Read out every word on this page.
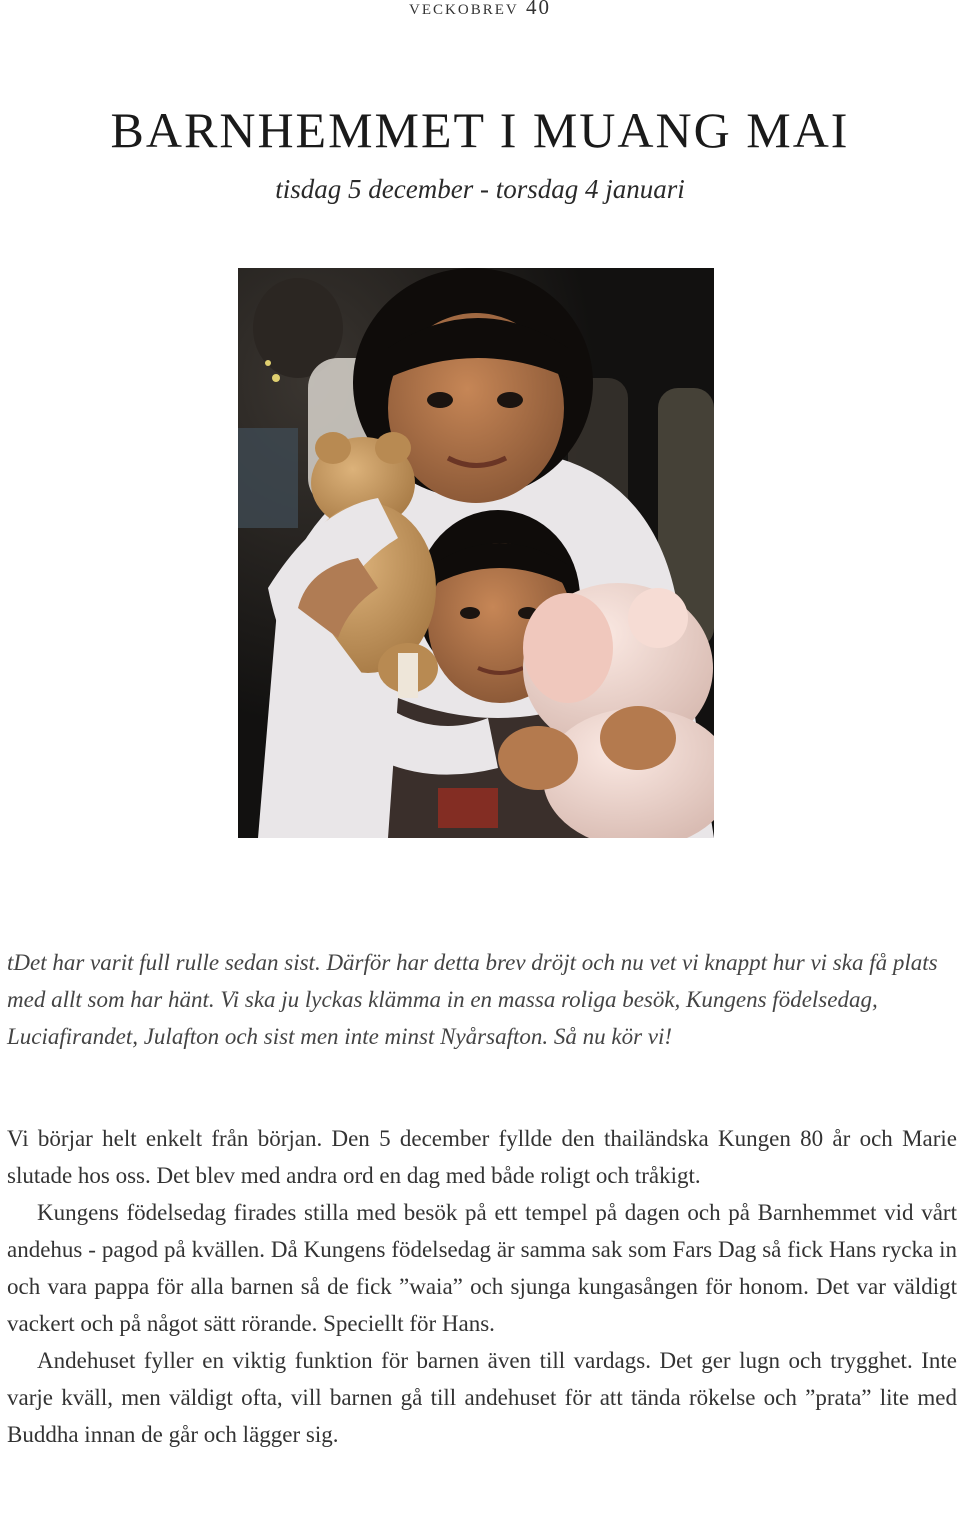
veckobrev 40
BARNHEMMET I MUANG MAI
tisdag 5 december - torsdag 4 januari

tDet har varit full rulle sedan sist. Därför har detta brev dröjt och nu vet vi knappt hur vi ska få plats med allt som har hänt. Vi ska ju lyckas klämma in en massa roliga besök, Kungens födelsedag, Luciafirandet, Julafton och sist men inte minst Nyårsafton. Så nu kör vi!

Vi börjar helt enkelt från början. Den 5 december fyllde den thailändska Kungen 80 år och Marie slutade hos oss. Det blev med andra ord en dag med både roligt och tråkigt.

Kungens födelsedag firades stilla med besök på ett tempel på dagen och på Barnhemmet vid vårt andehus - pagod på kvällen. Då Kungens födelsedag är samma sak som Fars Dag så fick Hans rycka in och vara pappa för alla barnen så de fick ”waia” och sjunga kungasången för honom. Det var väldigt vackert och på något sätt rörande. Speciellt för Hans.

Andehuset fyller en viktig funktion för barnen även till vardags. Det ger lugn och trygghet. Inte varje kväll, men väldigt ofta, vill barnen gå till andehuset för att tända rökelse och ”prata” lite med Buddha innan de går och lägger sig.
